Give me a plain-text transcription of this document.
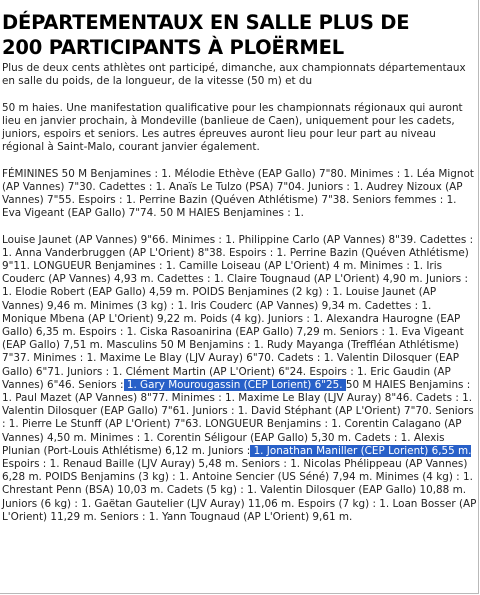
DÉPARTEMENTAUX EN SALLE PLUS DE
200 PARTICIPANTS À PLOËRMEL

Plus de deux cents athlètes ont participé, dimanche, aux championnats départementaux en salle du poids, de la longueur, de la vitesse (50 m) et du

50 m haies. Une manifestation qualificative pour les championnats régionaux qui auront lieu en janvier prochain, à Mondeville (banlieue de Caen), uniquement pour les cadets, juniors, espoirs et seniors. Les autres épreuves auront lieu pour leur part au niveau régional à Saint-Malo, courant janvier également.

FÉMININES 50 M Benjamines : 1. Mélodie Ethève (EAP Gallo) 7"80. Minimes : 1. Léa Mignot (AP Vannes) 7"30. Cadettes : 1. Anaïs Le Tulzo (PSA) 7"04. Juniors : 1. Audrey Nizoux (AP Vannes) 7"55. Espoirs : 1. Perrine Bazin (Quéven Athlétisme) 7"38. Seniors femmes : 1. Eva Vigeant (EAP Gallo) 7"74. 50 M HAIES Benjamines : 1.

Louise Jaunet (AP Vannes) 9"66. Minimes : 1. Philippine Carlo (AP Vannes) 8"39. Cadettes : 1. Anna Vanderbruggen (AP L'Orient) 8"38. Espoirs : 1. Perrine Bazin (Quéven Athlétisme) 9"11. LONGUEUR Benjamines : 1. Camille Loiseau (AP L'Orient) 4 m. Minimes : 1. Iris Couderc (AP Vannes) 4,93 m. Cadettes : 1. Claire Tougnaud (AP L'Orient) 4,90 m. Juniors : 1. Elodie Robert (EAP Gallo) 4,59 m. POIDS Benjamines (2 kg) : 1. Louise Jaunet (AP Vannes) 9,46 m. Minimes (3 kg) : 1. Iris Couderc (AP Vannes) 9,34 m. Cadettes : 1. Monique Mbena (AP L'Orient) 9,22 m. Poids (4 kg). Juniors : 1. Alexandra Haurogne (EAP Gallo) 6,35 m. Espoirs : 1. Ciska Rasoanirina (EAP Gallo) 7,29 m. Seniors : 1. Eva Vigeant (EAP Gallo) 7,51 m. Masculins 50 M Benjamins : 1. Rudy Mayanga (Treffléan Athlétisme) 7"37. Minimes : 1. Maxime Le Blay (LJV Auray) 6"70. Cadets : 1. Valentin Dilosquer (EAP Gallo) 6"71. Juniors : 1. Clément Martin (AP L'Orient) 6"24. Espoirs : 1. Eric Gaudin (AP Vannes) 6"46. Seniors : 1. Gary Mourougassin (CEP Lorient) 6"25. 50 M HAIES Benjamins : 1. Paul Mazet (AP Vannes) 8"77. Minimes : 1. Maxime Le Blay (LJV Auray) 8"46. Cadets : 1. Valentin Dilosquer (EAP Gallo) 7"61. Juniors : 1. David Stéphant (AP L'Orient) 7"70. Seniors : 1. Pierre Le Stunff (AP L'Orient) 7"63. LONGUEUR Benjamins : 1. Corentin Calagano (AP Vannes) 4,50 m. Minimes : 1. Corentin Séligour (EAP Gallo) 5,30 m. Cadets : 1. Alexis Plunian (Port-Louis Athlétisme) 6,12 m. Juniors : 1. Jonathan Maniller (CEP Lorient) 6,55 m. Espoirs : 1. Renaud Baille (LJV Auray) 5,48 m. Seniors : 1. Nicolas Phélippeau (AP Vannes) 6,28 m. POIDS Benjamins (3 kg) : 1. Antoine Sencier (US Séné) 7,94 m. Minimes (4 kg) : 1. Chrestant Penn (BSA) 10,03 m. Cadets (5 kg) : 1. Valentin Dilosquer (EAP Gallo) 10,88 m. Juniors (6 kg) : 1. Gaëtan Gautelier (LJV Auray) 11,06 m. Espoirs (7 kg) : 1. Loan Bosser (AP L'Orient) 11,29 m. Seniors : 1. Yann Tougnaud (AP L'Orient) 9,61 m.
